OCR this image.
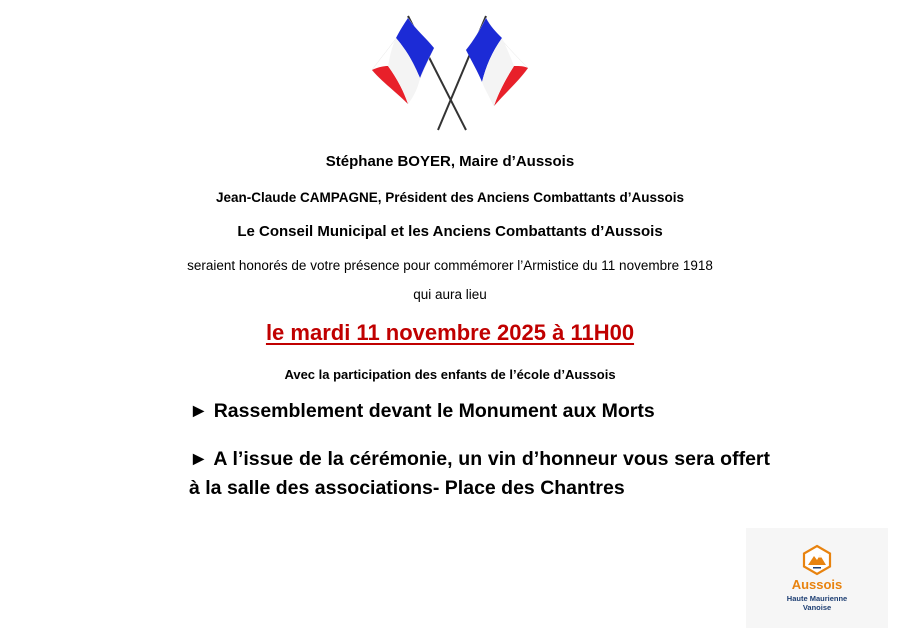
Stéphane BOYER, Maire d’Aussois
Jean-Claude CAMPAGNE, Président des Anciens Combattants d’Aussois
Le Conseil Municipal et les Anciens Combattants d’Aussois
seraient honorés de votre présence pour commémorer l’Armistice du 11 novembre 1918
qui aura lieu
le mardi 11 novembre 2025 à 11H00
Avec la participation des enfants de l’école d’Aussois
► Rassemblement devant le Monument aux Morts
► A l’issue de la cérémonie, un vin d’honneur vous sera offert à la salle des associations- Place des Chantres
Aussois
Haute Maurienne
Vanoise
